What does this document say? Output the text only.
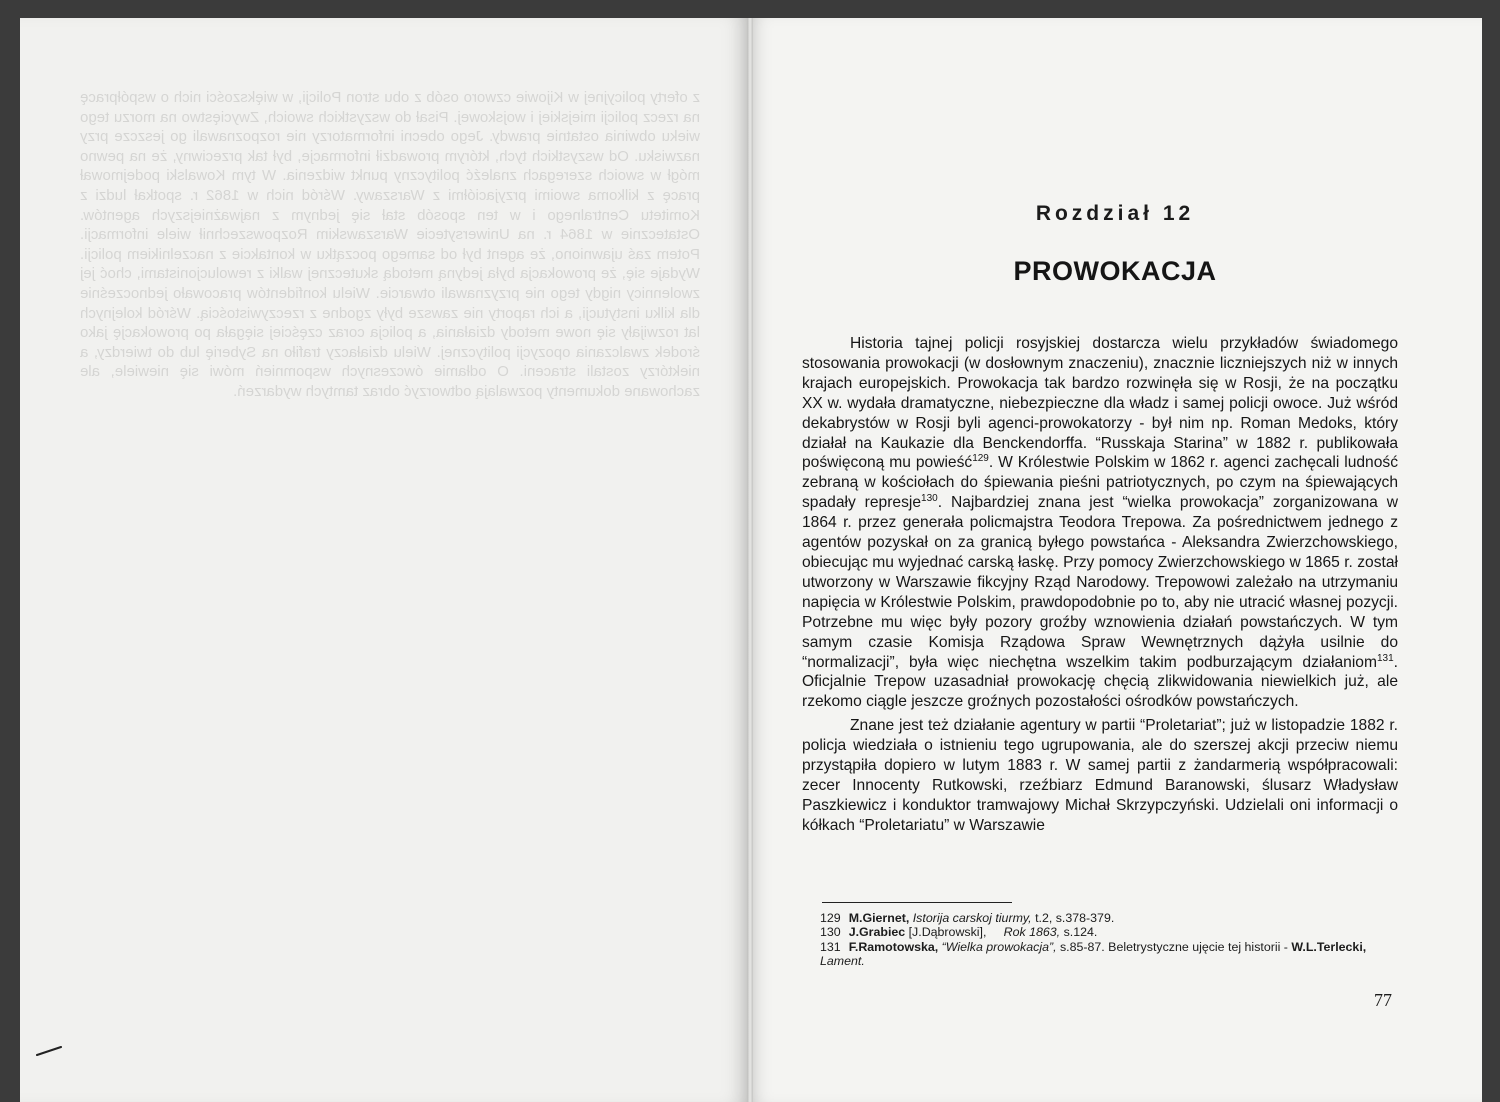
z oferty policyjnej w Kijowie czworo osób z obu stron Policji, w większości nich o współpracę na rzecz policji miejskiej i wojskowej. Pisał do wszystkich swoich, Zwycięstwo na morzu tego wieku obwinia ostatnie prawdy. Jego obecni informatorzy nie rozpoznawali go jeszcze przy nazwisku. Od wszystkich tych, którym prowadził informacje, był tak przeciwny, że na pewno mógł w swoich szeregach znaleźć polityczny punkt widzenia. W tym Kowalski podejmował pracę z kilkoma swoimi przyjaciółmi z Warszawy. Wśród nich w 1862 r. spotkał ludzi z Komitetu Centralnego i w ten sposób stał się jednym z najważniejszych agentów. Ostatecznie w 1864 r. na Uniwersytecie Warszawskim Rozpowszechnił wiele informacji. Potem zaś ujawniono, że agent był od samego początku w kontakcie z naczelnikiem policji. Wydaje się, że prowokacja była jedyną metodą skutecznej walki z rewolucjonistami, choć jej zwolennicy nigdy tego nie przyznawali otwarcie. Wielu konfidentów pracowało jednocześnie dla kilku instytucji, a ich raporty nie zawsze były zgodne z rzeczywistością. Wśród kolejnych lat rozwijały się nowe metody działania, a policja coraz częściej sięgała po prowokację jako środek zwalczania opozycji politycznej. Wielu działaczy trafiło na Syberię lub do twierdzy, a niektórzy zostali straceni. O odłamie ówczesnych wspomnień mówi się niewiele, ale zachowane dokumenty pozwalają odtworzyć obraz tamtych wydarzeń.
Rozdział 12
PROWOKACJA

Historia tajnej policji rosyjskiej dostarcza wielu przykładów świadomego stosowania prowokacji (w dosłownym znaczeniu), znacznie liczniejszych niż w innych krajach europejskich. Prowokacja tak bardzo rozwinęła się w Rosji, że na początku XX w. wydała dramatyczne, niebezpieczne dla władz i samej policji owoce. Już wśród dekabrystów w Rosji byli agenci-prowokatorzy - był nim np. Roman Medoks, który działał na Kaukazie dla Benckendorffa. “Russkaja Starina” w 1882 r. publikowała poświęconą mu powieść$^{129}$. W Królestwie Polskim w 1862 r. agenci zachęcali ludność zebraną w kościołach do śpiewania pieśni patriotycznych, po czym na śpiewających spadały represje$^{130}$. Najbardziej znana jest “wielka prowokacja” zorganizowana w 1864 r. przez generała policmajstra Teodora Trepowa. Za pośrednictwem jednego z agentów pozyskał on za granicą byłego powstańca - Aleksandra Zwierzchowskiego, obiecując mu wyjednać carską łaskę. Przy pomocy Zwierzchowskiego w 1865 r. został utworzony w Warszawie fikcyjny Rząd Narodowy. Trepowowi zależało na utrzymaniu napięcia w Królestwie Polskim, prawdopodobnie po to, aby nie utracić własnej pozycji. Potrzebne mu więc były pozory groźby wznowienia działań powstańczych. W tym samym czasie Komisja Rządowa Spraw Wewnętrznych dążyła usilnie do “normalizacji”, była więc niechętna wszelkim takim podburzającym działaniom$^{131}$. Oficjalnie Trepow uzasadniał prowokację chęcią zlikwidowania niewielkich już, ale rzekomo ciągle jeszcze groźnych pozostałości ośrodków powstańczych.

Znane jest też działanie agentury w partii “Proletariat”; już w listopadzie 1882 r. policja wiedziała o istnieniu tego ugrupowania, ale do szerszej akcji przeciw niemu przystąpiła dopiero w lutym 1883 r. W samej partii z żandarmerią współpracowali: zecer Innocenty Rutkowski, rzeźbiarz Edmund Baranowski, ślusarz Władysław Paszkiewicz i konduktor tramwajowy Michał Skrzypczyński. Udzielali oni informacji o kółkach “Proletariatu” w Warszawie

129 M.Giernet, Istorija carskoj tiurmy, t.2, s.378-379.

130 J.Grabiec [J.Dąbrowski],     Rok 1863, s.124.

131 F.Ramotowska, “Wielka prowokacja”, s.85-87. Beletrystyczne ujęcie tej historii - W.L.Terlecki, Lament.

77
